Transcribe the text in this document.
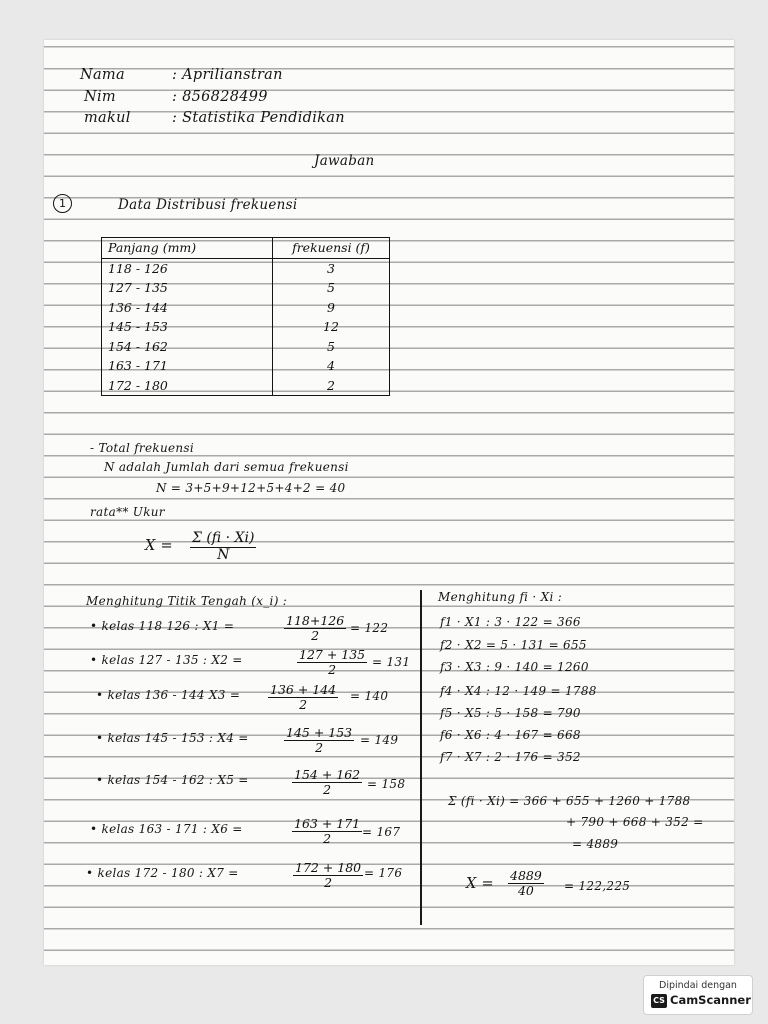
Nama	: Aprilianstran
Nim	: 856828499
makul	: Statistika Pendidikan
Jawaban
1	Data Distribusi frekuensi
Panjang (mm)	frekuensi (f)
118 - 126	3
127 - 135	5
136 - 144	9
145 - 153	12
154 - 162	5
163 - 171	4
172 - 180	2
- Total frekuensi
N adalah Jumlah dari semua frekuensi
N = 3+5+9+12+5+4+2 = 40
rata** Ukur
$X = \frac{\Sigma (fi \cdot Xi)}{N}$
Menghitung Titik Tengah (x_i) :
• kelas 118 126 : X1 =	$\frac{118+126}{2} = 122$
• kelas 127 - 135 : X2 =	$\frac{127 + 135}{2} = 131$
• kelas 136 - 144 $X3 = \frac{136 + 144}{2} = 140$
• kelas 145 - 153 : X4 =	$\frac{145 + 153}{2} = 149$
• kelas 154 - 162 : X5 =	$\frac{154 + 162}{2} = 158$
• kelas 163 - 171 : X6 =	$\frac{163 + 171}{2} = 167$
• kelas 172 - 180 : X7 =	$\frac{172 + 180}{2} = 176$
Menghitung fi · Xi :
f1 · X1 : 3 · 122 = 366
f2 · X2 = 5 · 131 = 655
f3 · X3 : 9 · 140 = 1260
f4 · X4 : 12 · 149 = 1788
f5 · X5 : 5 · 158 = 790
f6 · X6 : 4 · 167 = 668
f7 · X7 : 2 · 176 = 352
Σ (fi · Xi) = 366 + 655 + 1260 + 1788
+ 790 + 668 + 352 =
= 4889
$X = \frac{4889}{40} = 122,225$
Dipindai dengan
CS CamScanner
